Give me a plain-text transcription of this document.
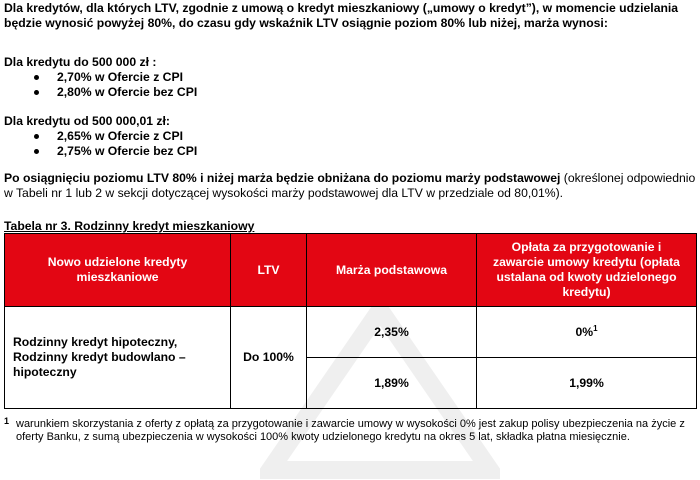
Dla kredytów, dla których LTV, zgodnie z umową o kredyt mieszkaniowy („umowy o kredyt”), w momencie udzielania będzie wynosić powyżej 80%, do czasu gdy wskaźnik LTV osiągnie poziom 80% lub niżej, marża wynosi:
Dla kredytu do 500 000 zł :
2,70% w Ofercie z CPI
2,80% w Ofercie bez CPI
Dla kredytu od 500 000,01 zł:
2,65% w Ofercie z CPI
2,75% w Ofercie bez CPI
Po osiągnięciu poziomu LTV 80% i niżej marża będzie obniżana do poziomu marży podstawowej (określonej odpowiednio w Tabeli nr 1 lub 2 w sekcji dotyczącej wysokości marży podstawowej dla LTV w przedziale od 80,01%).
Tabela nr 3. Rodzinny kredyt mieszkaniowy
Nowo udzielone kredyty mieszkaniowe	LTV	Marża podstawowa	Opłata za przygotowanie i zawarcie umowy kredytu (opłata ustalana od kwoty udzielonego kredytu)
Rodzinny kredyt hipoteczny, Rodzinny kredyt budowlano – hipoteczny	Do 100%	2,35%	0%$^1$
		1,89%	1,99%
1 warunkiem skorzystania z oferty z opłatą za przygotowanie i zawarcie umowy w wysokości 0% jest zakup polisy ubezpieczenia na życie z oferty Banku, z sumą ubezpieczenia w wysokości 100% kwoty udzielonego kredytu na okres 5 lat, składka płatna miesięcznie.
